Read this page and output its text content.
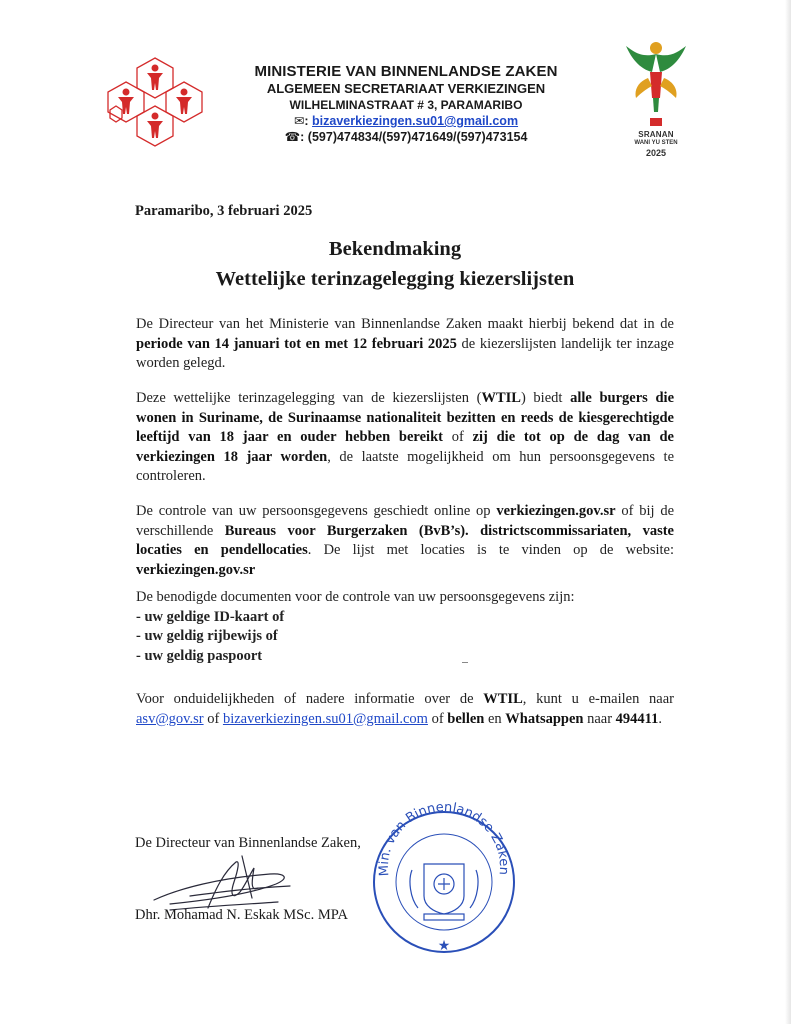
SRANAN
WANI YU STEN
2025
MINISTERIE VAN BINNENLANDSE ZAKEN
ALGEMEEN SECRETARIAAT VERKIEZINGEN
WILHELMINASTRAAT # 3, PARAMARIBO
✉: bizaverkiezingen.su01@gmail.com
☎: (597)474834/(597)471649/(597)473154
Paramaribo, 3 februari 2025
Bekendmaking
Wettelijke terinzagelegging kiezerslijsten
De Directeur van het Ministerie van Binnenlandse Zaken maakt hierbij bekend dat in de periode van 14 januari tot en met 12 februari 2025 de kiezerslijsten landelijk ter inzage worden gelegd.
Deze wettelijke terinzagelegging van de kiezerslijsten (WTIL) biedt alle burgers die wonen in Suriname, de Surinaamse nationaliteit bezitten en reeds de kiesgerechtigde leeftijd van 18 jaar en ouder hebben bereikt of zij die tot op de dag van de verkiezingen 18 jaar worden, de laatste mogelijkheid om hun persoonsgegevens te controleren.
De controle van uw persoonsgegevens geschiedt online op verkiezingen.gov.sr of bij de verschillende Bureaus voor Burgerzaken (BvB’s). districtscommissariaten, vaste locaties en pendellocaties. De lijst met locaties is te vinden op de website: verkiezingen.gov.sr
De benodigde documenten voor de controle van uw persoonsgegevens zijn:
- uw geldige ID-kaart of
- uw geldig rijbewijs of
- uw geldig paspoort
Voor onduidelijkheden of nadere informatie over de WTIL, kunt u e-mailen naar asv@gov.sr of bizaverkiezingen.su01@gmail.com of bellen en Whatsappen naar 494411.
De Directeur van Binnenlandse Zaken,
Dhr. Mohamad N. Eskak MSc. MPA
Min. van Binnenlandse Zaken
★
